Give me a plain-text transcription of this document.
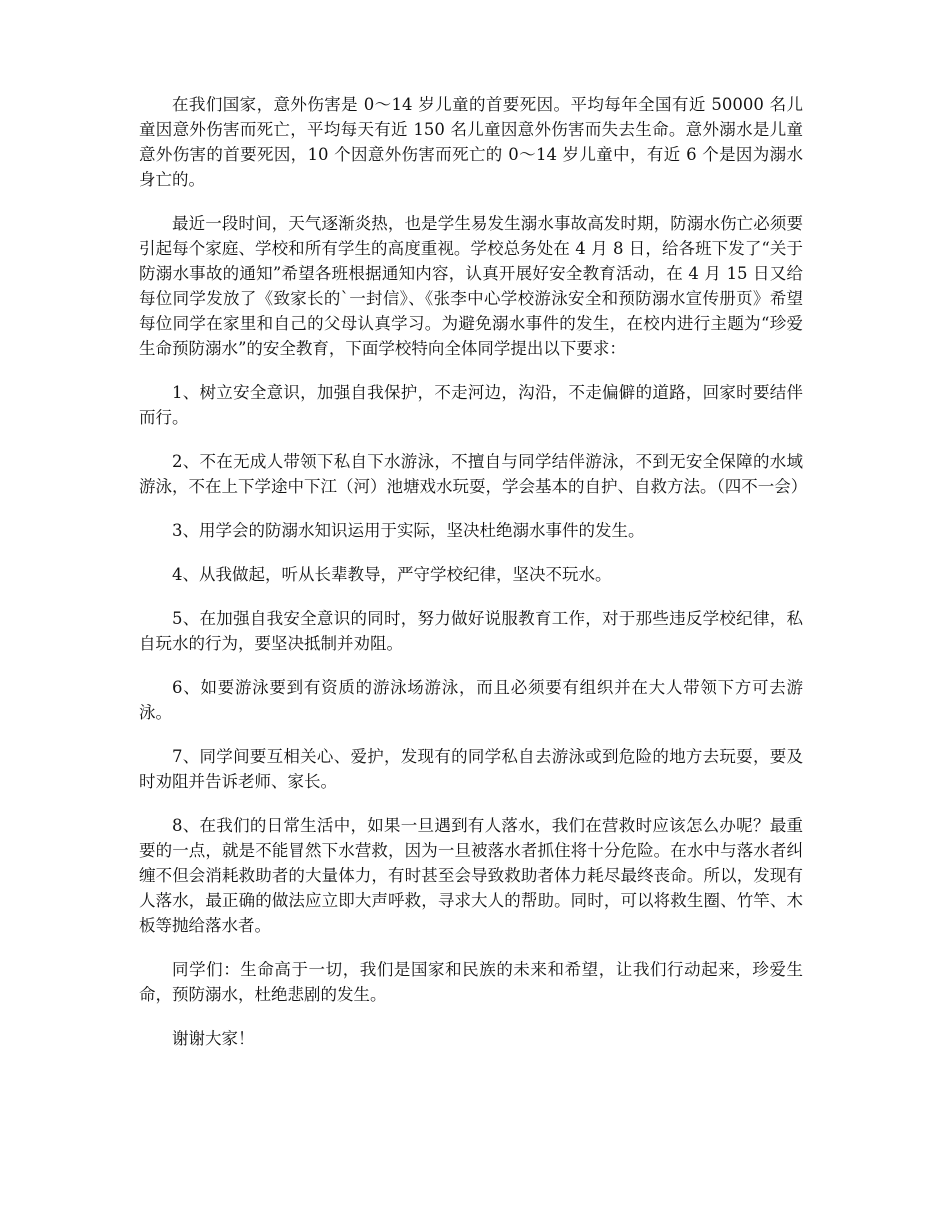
在我们国家，意外伤害是 0～14 岁儿童的首要死因。平均每年全国有近 50000 名儿童因意外伤害而死亡，平均每天有近 150 名儿童因意外伤害而失去生命。意外溺水是儿童意外伤害的首要死因，10 个因意外伤害而死亡的 0～14 岁儿童中，有近 6 个是因为溺水身亡的。

最近一段时间，天气逐渐炎热，也是学生易发生溺水事故高发时期，防溺水伤亡必须要引起每个家庭、学校和所有学生的高度重视。学校总务处在 4 月 8 日，给各班下发了“关于防溺水事故的通知”希望各班根据通知内容，认真开展好安全教育活动，在 4 月 15 日又给每位同学发放了《致家长的`一封信》、《张李中心学校游泳安全和预防溺水宣传册页》希望每位同学在家里和自己的父母认真学习。为避免溺水事件的发生，在校内进行主题为“珍爱生命预防溺水”的安全教育，下面学校特向全体同学提出以下要求：

1、树立安全意识，加强自我保护，不走河边，沟沿，不走偏僻的道路，回家时要结伴而行。

2、不在无成人带领下私自下水游泳，不擅自与同学结伴游泳，不到无安全保障的水域游泳，不在上下学途中下江（河）池塘戏水玩耍，学会基本的自护、自救方法。（四不一会）

3、用学会的防溺水知识运用于实际，坚决杜绝溺水事件的发生。

4、从我做起，听从长辈教导，严守学校纪律，坚决不玩水。

5、在加强自我安全意识的同时，努力做好说服教育工作，对于那些违反学校纪律，私自玩水的行为，要坚决抵制并劝阻。

6、如要游泳要到有资质的游泳场游泳，而且必须要有组织并在大人带领下方可去游泳。

7、同学间要互相关心、爱护，发现有的同学私自去游泳或到危险的地方去玩耍，要及时劝阻并告诉老师、家长。

8、在我们的日常生活中，如果一旦遇到有人落水，我们在营救时应该怎么办呢？最重要的一点，就是不能冒然下水营救，因为一旦被落水者抓住将十分危险。在水中与落水者纠缠不但会消耗救助者的大量体力，有时甚至会导致救助者体力耗尽最终丧命。所以，发现有人落水，最正确的做法应立即大声呼救，寻求大人的帮助。同时，可以将救生圈、竹竿、木板等抛给落水者。

同学们：生命高于一切，我们是国家和民族的未来和希望，让我们行动起来，珍爱生命，预防溺水，杜绝悲剧的发生。

谢谢大家！
